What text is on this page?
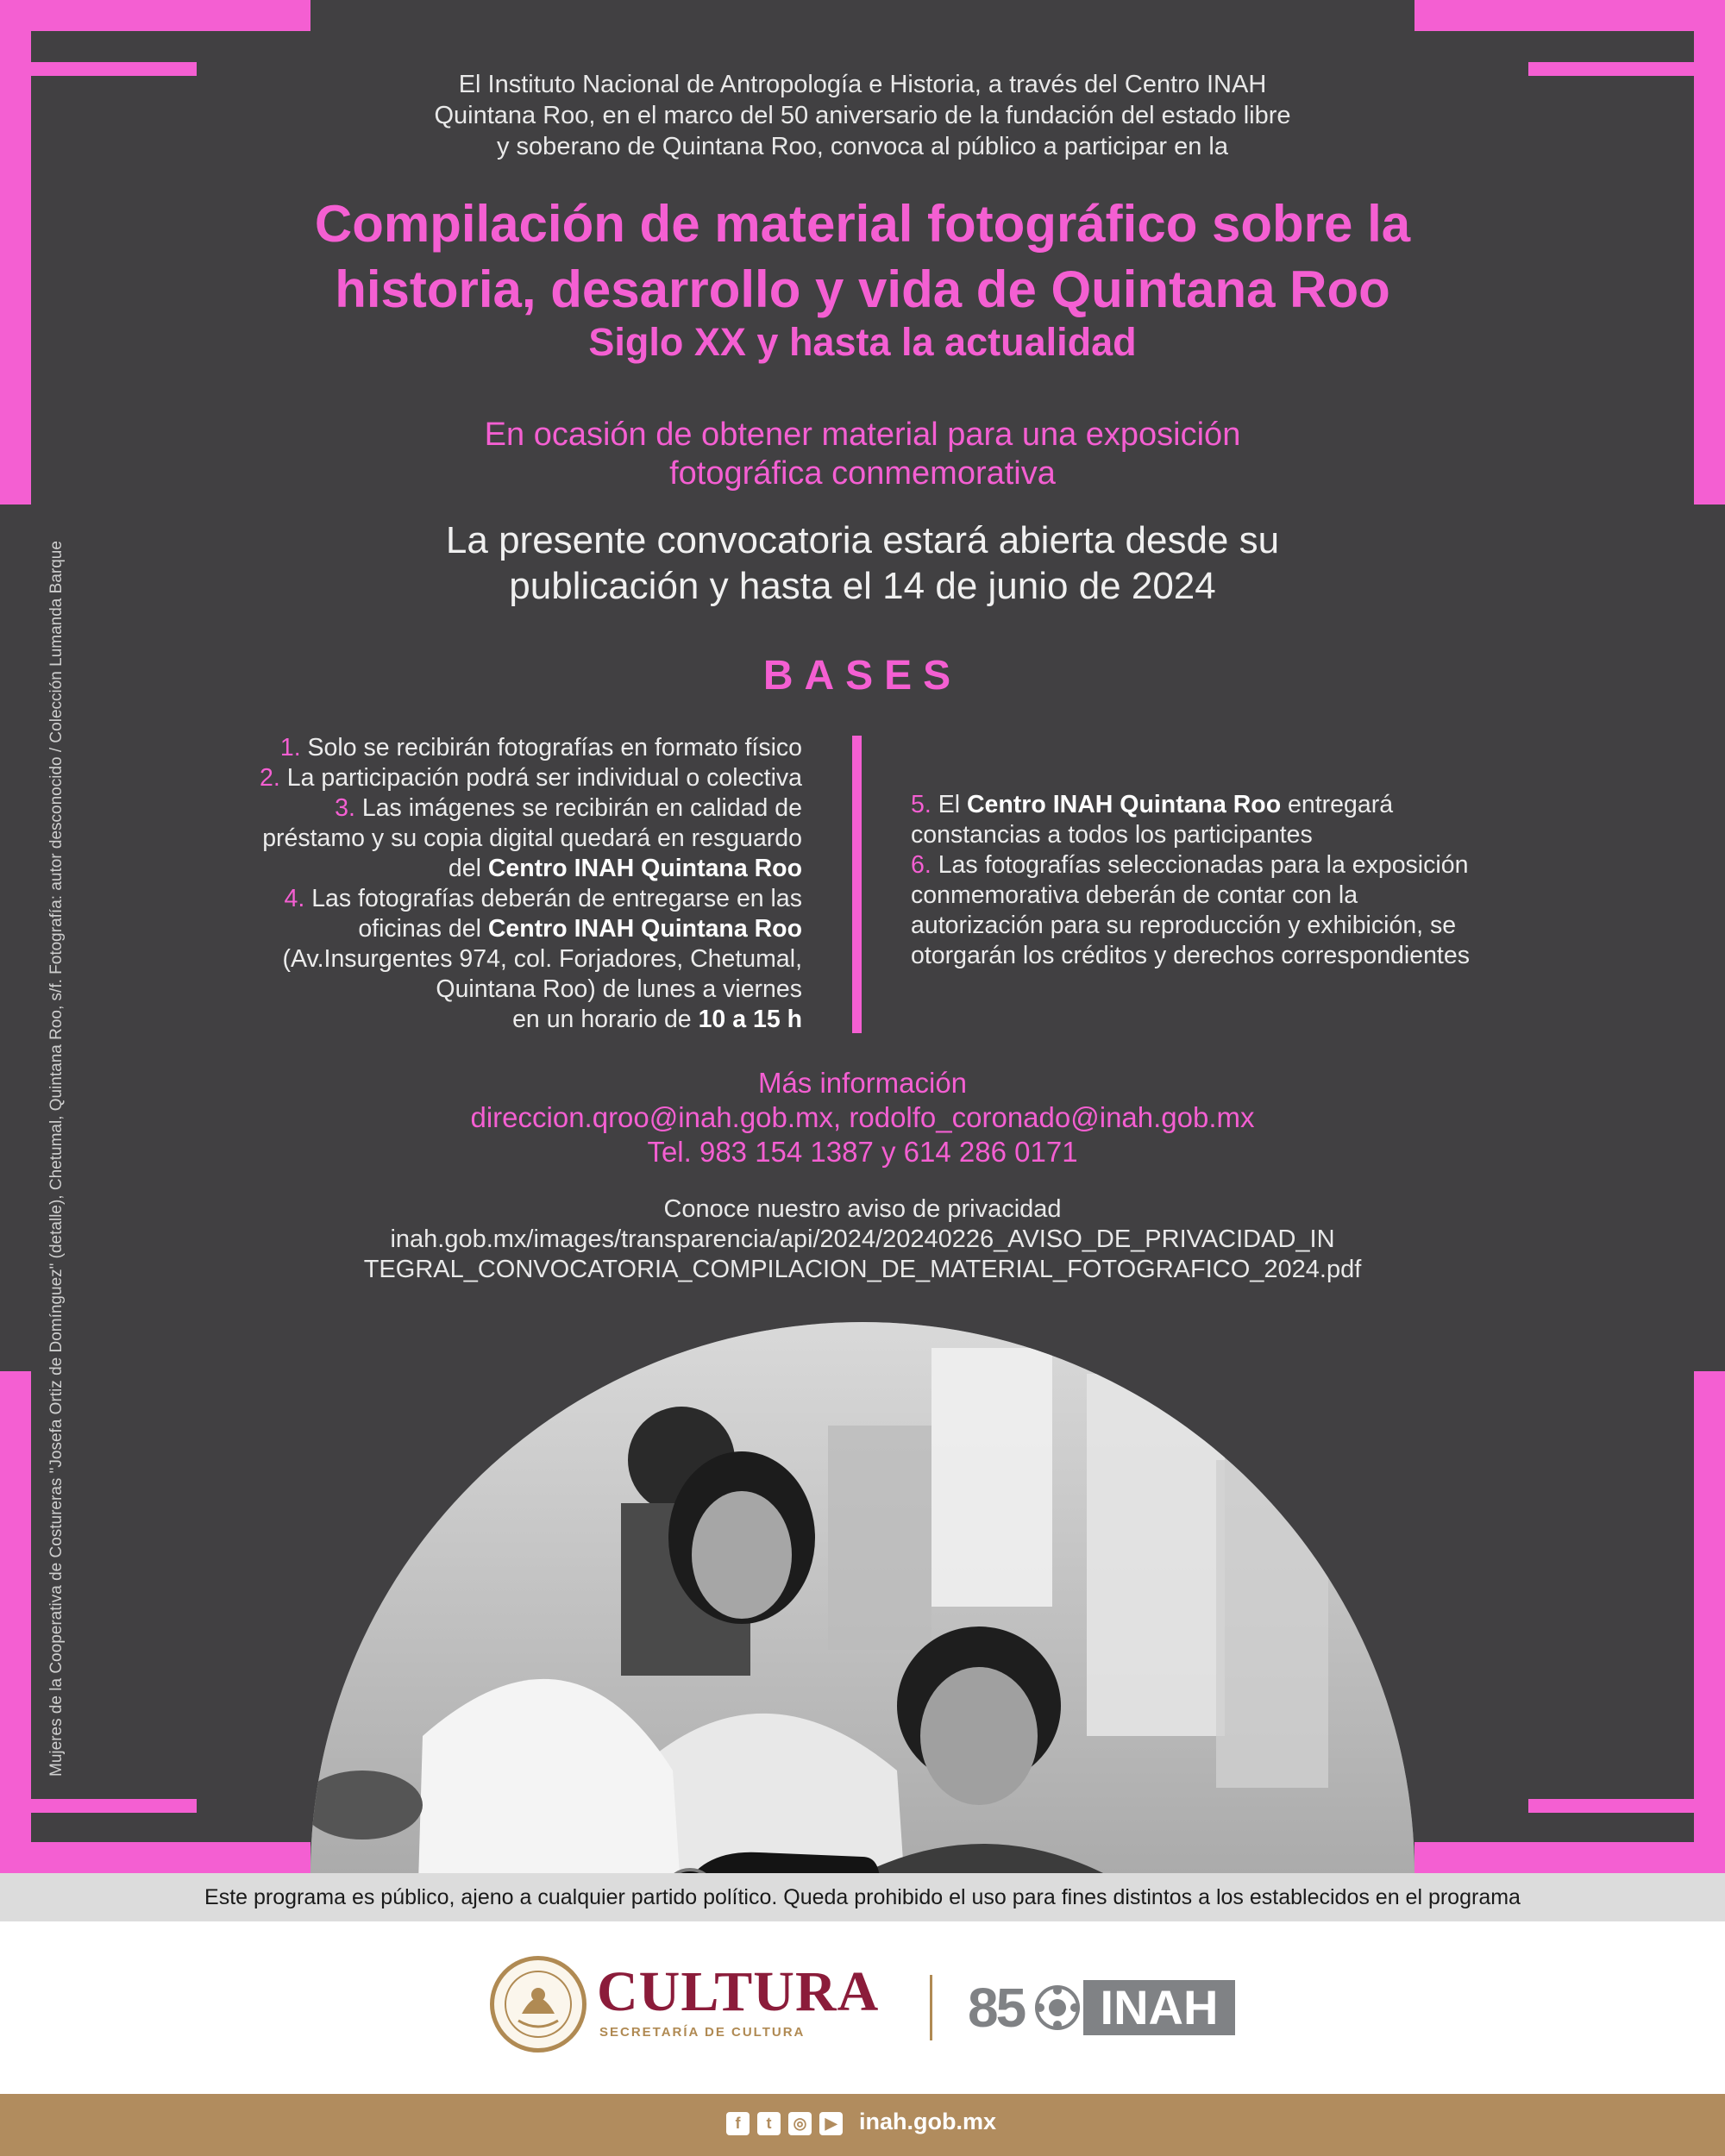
El Instituto Nacional de Antropología e Historia, a través del Centro INAH
Quintana Roo, en el marco del 50 aniversario de la fundación del estado libre
y soberano de Quintana Roo, convoca al público a participar en la
Compilación de material fotográfico sobre la
historia, desarrollo y vida de Quintana Roo
Siglo XX y hasta la actualidad
En ocasión de obtener material para una exposición
fotográfica conmemorativa
La presente convocatoria estará abierta desde su
publicación y hasta el 14 de junio de 2024
BASES
1. Solo se recibirán fotografías en formato físico
2. La participación podrá ser individual o colectiva
3. Las imágenes se recibirán en calidad de
préstamo y su copia digital quedará en resguardo
del Centro INAH Quintana Roo
4. Las fotografías deberán de entregarse en las
oficinas del Centro INAH Quintana Roo
(Av.Insurgentes 974, col. Forjadores, Chetumal,
Quintana Roo) de lunes a viernes
en un horario de 10 a 15 h
5. El Centro INAH Quintana Roo entregará
constancias a todos los participantes
6. Las fotografías seleccionadas para la exposición
conmemorativa deberán de contar con la
autorización para su reproducción y exhibición, se
otorgarán los créditos y derechos correspondientes
Más información
direccion.qroo@inah.gob.mx, rodolfo_coronado@inah.gob.mx
Tel. 983 154 1387 y 614 286 0171
Conoce nuestro aviso de privacidad
inah.gob.mx/images/transparencia/api/2024/20240226_AVISO_DE_PRIVACIDAD_IN
TEGRAL_CONVOCATORIA_COMPILACION_DE_MATERIAL_FOTOGRAFICO_2024.pdf
Mujeres de la Cooperativa de Costureras "Josefa Ortiz de Domínguez" (detalle), Chetumal, Quintana Roo, s/f. Fotografía: autor desconocido / Colección Lumanda Barque
Este programa es público, ajeno a cualquier partido político. Queda prohibido el uso para fines distintos a los establecidos en el programa
CULTURA
SECRETARÍA DE CULTURA	85	INAH
f	t	◎	▶ inah.gob.mx
